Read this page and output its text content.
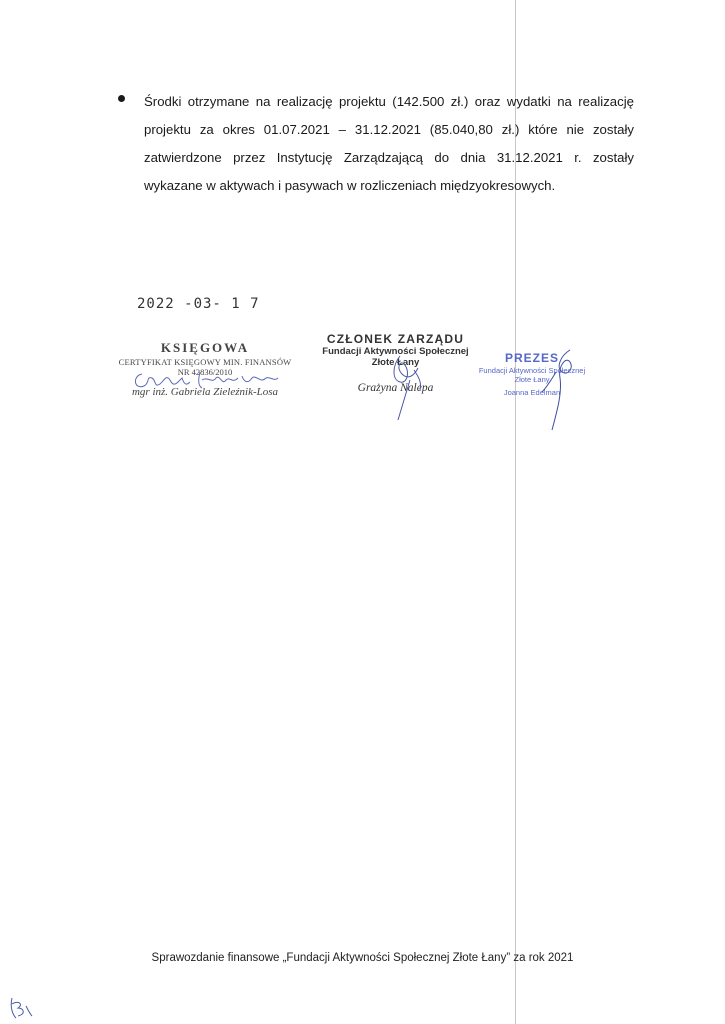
Środki otrzymane na realizację projektu (142.500 zł.) oraz wydatki na realizację projektu za okres 01.07.2021 – 31.12.2021 (85.040,80 zł.) które nie zostały zatwierdzone przez Instytucję Zarządzającą do dnia 31.12.2021 r. zostały wykazane w aktywach i pasywach w rozliczeniach międzyokresowych.
2022 -03- 1 7
KSIĘGOWA
CERTYFIKAT KSIĘGOWY MIN. FINANSÓW
NR 42836/2010
mgr inż. Gabriela Zieleźnik-Losa
CZŁONEK ZARZĄDU
Fundacji Aktywności Społecznej
Złote Łany
Grażyna Nalepa
PREZES
Fundacji Aktywności Społecznej
Złote Łany
Joanna Edelman
Sprawozdanie finansowe „Fundacji Aktywności Społecznej Złote Łany” za rok 2021
